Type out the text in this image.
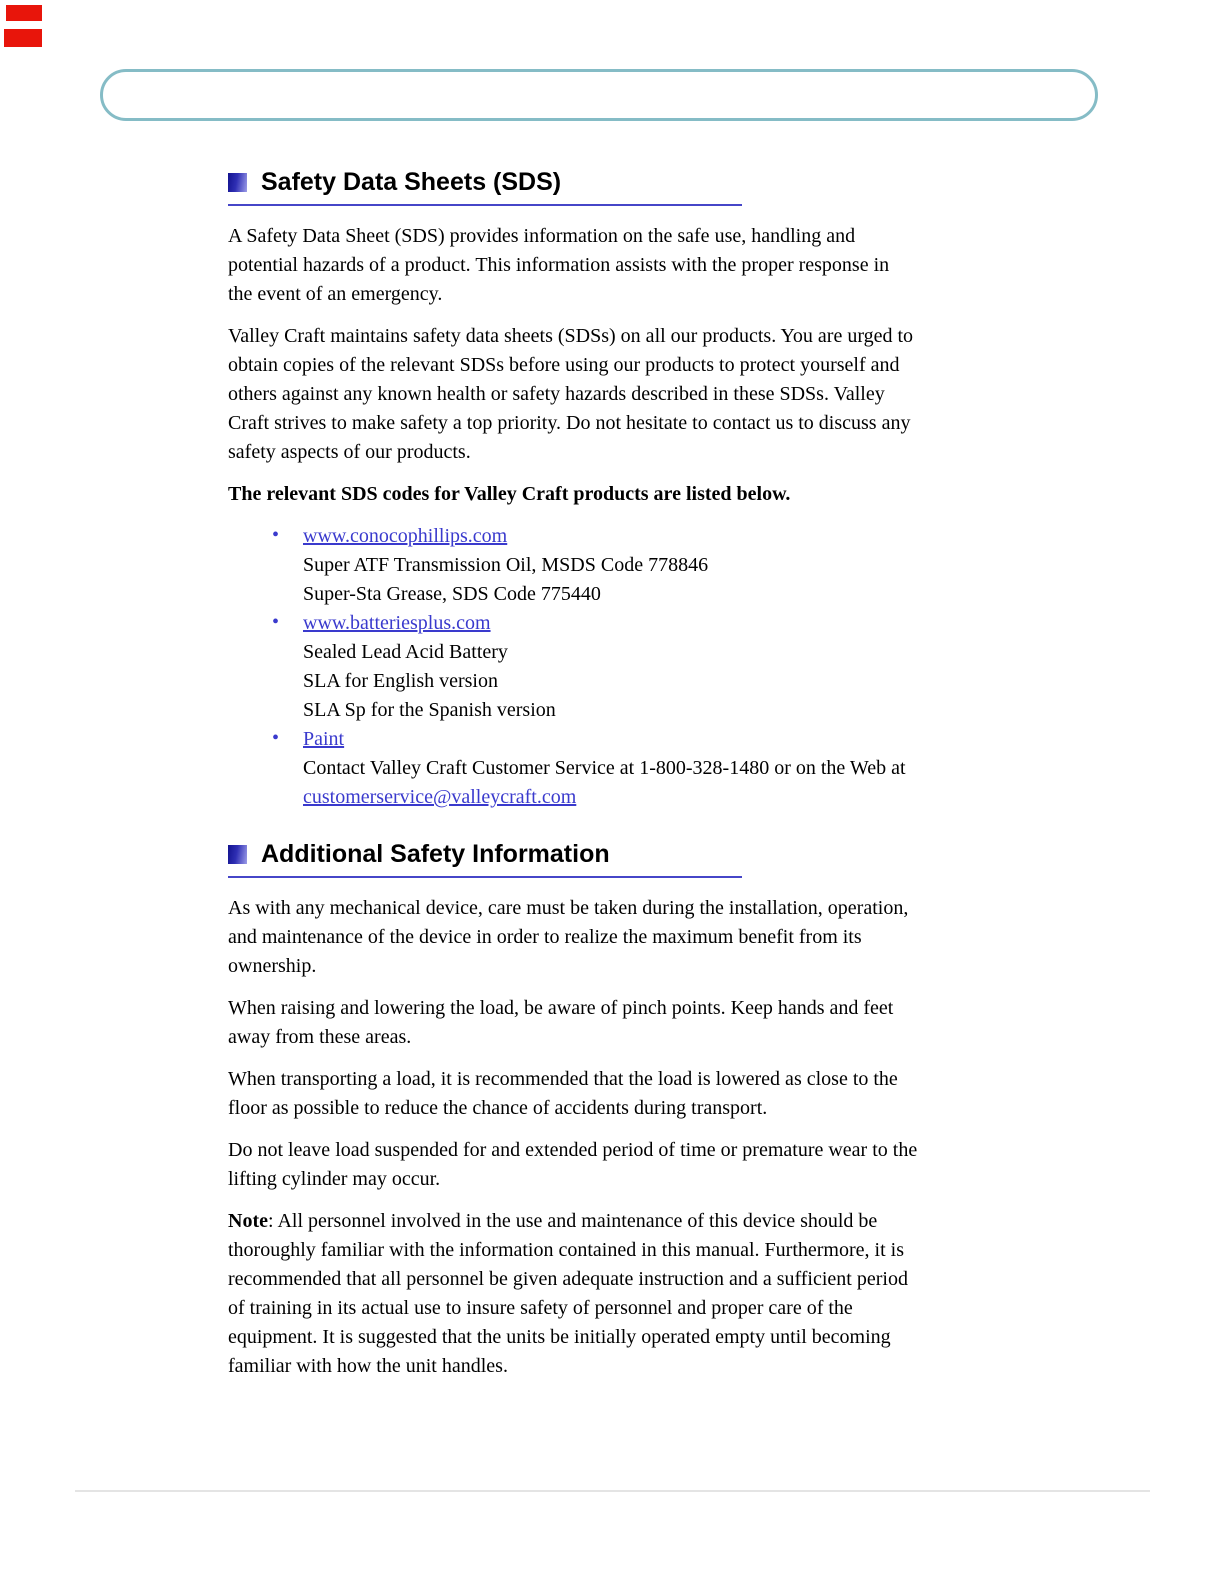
Safety Data Sheets (SDS)

A Safety Data Sheet (SDS) provides information on the safe use, handling and potential hazards of a product. This information assists with the proper response in the event of an emergency.

Valley Craft maintains safety data sheets (SDSs) on all our products. You are urged to obtain copies of the relevant SDSs before using our products to protect yourself and others against any known health or safety hazards described in these SDSs. Valley Craft strives to make safety a top priority. Do not hesitate to contact us to discuss any safety aspects of our products.

The relevant SDS codes for Valley Craft products are listed below.

• www.conocophillips.com
Super ATF Transmission Oil, MSDS Code 778846
Super-Sta Grease, SDS Code 775440
• www.batteriesplus.com
Sealed Lead Acid Battery
SLA for English version
SLA Sp for the Spanish version
• Paint
Contact Valley Craft Customer Service at 1-800-328-1480 or on the Web at customerservice@valleycraft.com
Additional Safety Information

As with any mechanical device, care must be taken during the installation, operation, and maintenance of the device in order to realize the maximum benefit from its ownership.

When raising and lowering the load, be aware of pinch points. Keep hands and feet away from these areas.

When transporting a load, it is recommended that the load is lowered as close to the floor as possible to reduce the chance of accidents during transport.

Do not leave load suspended for and extended period of time or premature wear to the lifting cylinder may occur.

Note: All personnel involved in the use and maintenance of this device should be thoroughly familiar with the information contained in this manual. Furthermore, it is recommended that all personnel be given adequate instruction and a sufficient period of training in its actual use to insure safety of personnel and proper care of the equipment. It is suggested that the units be initially operated empty until becoming familiar with how the unit handles.
